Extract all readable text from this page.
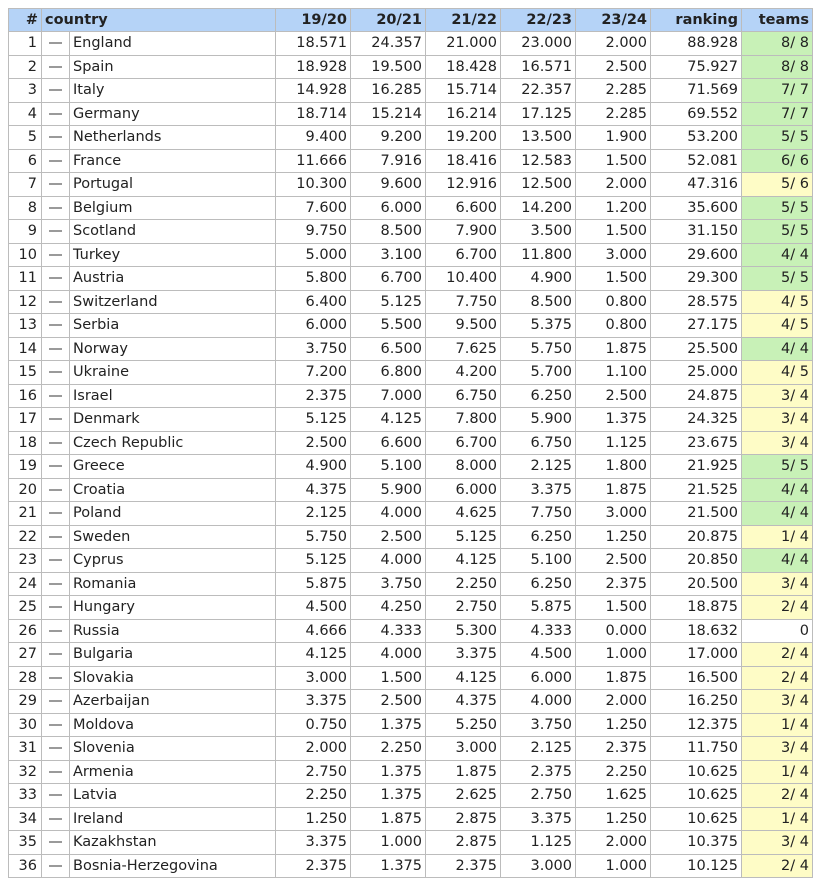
#	country		19/20	20/21	21/22	22/23	23/24	ranking	teams
1		England	18.571	24.357	21.000	23.000	2.000	88.928	8/ 8
2		Spain	18.928	19.500	18.428	16.571	2.500	75.927	8/ 8
3		Italy	14.928	16.285	15.714	22.357	2.285	71.569	7/ 7
4		Germany	18.714	15.214	16.214	17.125	2.285	69.552	7/ 7
5		Netherlands	9.400	9.200	19.200	13.500	1.900	53.200	5/ 5
6		France	11.666	7.916	18.416	12.583	1.500	52.081	6/ 6
7		Portugal	10.300	9.600	12.916	12.500	2.000	47.316	5/ 6
8		Belgium	7.600	6.000	6.600	14.200	1.200	35.600	5/ 5
9		Scotland	9.750	8.500	7.900	3.500	1.500	31.150	5/ 5
10		Turkey	5.000	3.100	6.700	11.800	3.000	29.600	4/ 4
11		Austria	5.800	6.700	10.400	4.900	1.500	29.300	5/ 5
12		Switzerland	6.400	5.125	7.750	8.500	0.800	28.575	4/ 5
13		Serbia	6.000	5.500	9.500	5.375	0.800	27.175	4/ 5
14		Norway	3.750	6.500	7.625	5.750	1.875	25.500	4/ 4
15		Ukraine	7.200	6.800	4.200	5.700	1.100	25.000	4/ 5
16		Israel	2.375	7.000	6.750	6.250	2.500	24.875	3/ 4
17		Denmark	5.125	4.125	7.800	5.900	1.375	24.325	3/ 4
18		Czech Republic	2.500	6.600	6.700	6.750	1.125	23.675	3/ 4
19		Greece	4.900	5.100	8.000	2.125	1.800	21.925	5/ 5
20		Croatia	4.375	5.900	6.000	3.375	1.875	21.525	4/ 4
21		Poland	2.125	4.000	4.625	7.750	3.000	21.500	4/ 4
22		Sweden	5.750	2.500	5.125	6.250	1.250	20.875	1/ 4
23		Cyprus	5.125	4.000	4.125	5.100	2.500	20.850	4/ 4
24		Romania	5.875	3.750	2.250	6.250	2.375	20.500	3/ 4
25		Hungary	4.500	4.250	2.750	5.875	1.500	18.875	2/ 4
26		Russia	4.666	4.333	5.300	4.333	0.000	18.632	0
27		Bulgaria	4.125	4.000	3.375	4.500	1.000	17.000	2/ 4
28		Slovakia	3.000	1.500	4.125	6.000	1.875	16.500	2/ 4
29		Azerbaijan	3.375	2.500	4.375	4.000	2.000	16.250	3/ 4
30		Moldova	0.750	1.375	5.250	3.750	1.250	12.375	1/ 4
31		Slovenia	2.000	2.250	3.000	2.125	2.375	11.750	3/ 4
32		Armenia	2.750	1.375	1.875	2.375	2.250	10.625	1/ 4
33		Latvia	2.250	1.375	2.625	2.750	1.625	10.625	2/ 4
34		Ireland	1.250	1.875	2.875	3.375	1.250	10.625	1/ 4
35		Kazakhstan	3.375	1.000	2.875	1.125	2.000	10.375	3/ 4
36		Bosnia-Herzegovina	2.375	1.375	2.375	3.000	1.000	10.125	2/ 4
